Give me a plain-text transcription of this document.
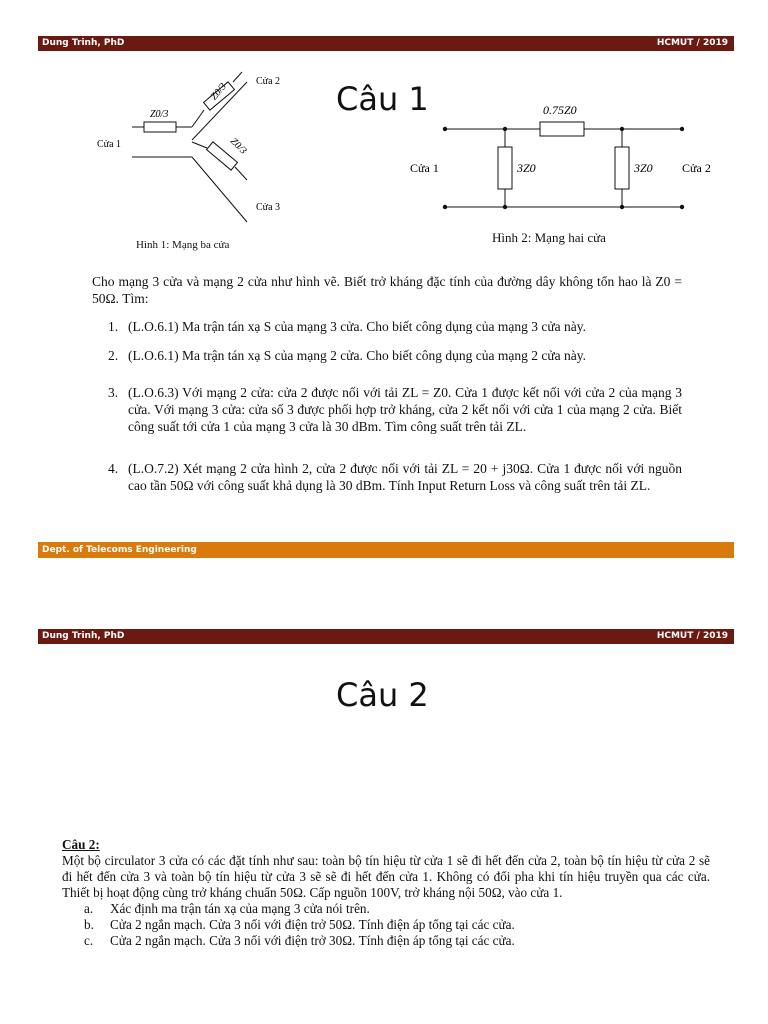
Dung Trinh, PhD	HCMUT / 2019
Câu 1
Z0/3
Z0/3
Z0/3
Cửa 1
Cửa 2
Cửa 3
Hình 1: Mạng ba cửa
0.75Z0
3Z0	3Z0
Cửa 1	Cửa 2
Hình 2: Mạng hai cửa
Cho mạng 3 cửa và mạng 2 cửa như hình vẽ. Biết trở kháng đặc tính của đường dây không tổn hao là Z0 = 50Ω. Tìm:
1. (L.O.6.1) Ma trận tán xạ S của mạng 3 cửa. Cho biết công dụng của mạng 3 cửa này.
2. (L.O.6.1) Ma trận tán xạ S của mạng 2 cửa. Cho biết công dụng của mạng 2 cửa này.
3. (L.O.6.3) Với mạng 2 cửa: cửa 2 được nối với tải ZL = Z0. Cửa 1 được kết nối với cửa 2 của mạng 3 cửa. Với mạng 3 cửa: cửa số 3 được phối hợp trở kháng, cửa 2 kết nối với cửa 1 của mạng 2 cửa. Biết công suất tới cửa 1 của mạng 3 cửa là 30 dBm. Tìm công suất trên tải ZL.
4. (L.O.7.2) Xét mạng 2 cửa hình 2, cửa 2 được nối với tải ZL = 20 + j30Ω. Cửa 1 được nối với nguồn cao tần 50Ω với công suất khả dụng là 30 dBm. Tính Input Return Loss và công suất trên tải ZL.
Dept. of Telecoms Engineering
Dung Trinh, PhD	HCMUT / 2019
Câu 2
Câu 2:
Một bộ circulator 3 cửa có các đặt tính như sau: toàn bộ tín hiệu từ cửa 1 sẽ đi hết đến cửa 2, toàn bộ tín hiệu từ cửa 2 sẽ đi hết đến cửa 3 và toàn bộ tín hiệu từ cửa 3 sẽ sẽ đi hết đến cửa 1. Không có đổi pha khi tín hiệu truyền qua các cửa. Thiết bị hoạt động cùng trở kháng chuẩn 50Ω. Cấp nguồn 100V, trở kháng nội 50Ω, vào cửa 1.
a. Xác định ma trận tán xạ của mạng 3 cửa nói trên.
b. Cửa 2 ngắn mạch. Cửa 3 nối với điện trở 50Ω. Tính điện áp tổng tại các cửa.
c. Cửa 2 ngắn mạch. Cửa 3 nối với điện trở 30Ω. Tính điện áp tổng tại các cửa.
